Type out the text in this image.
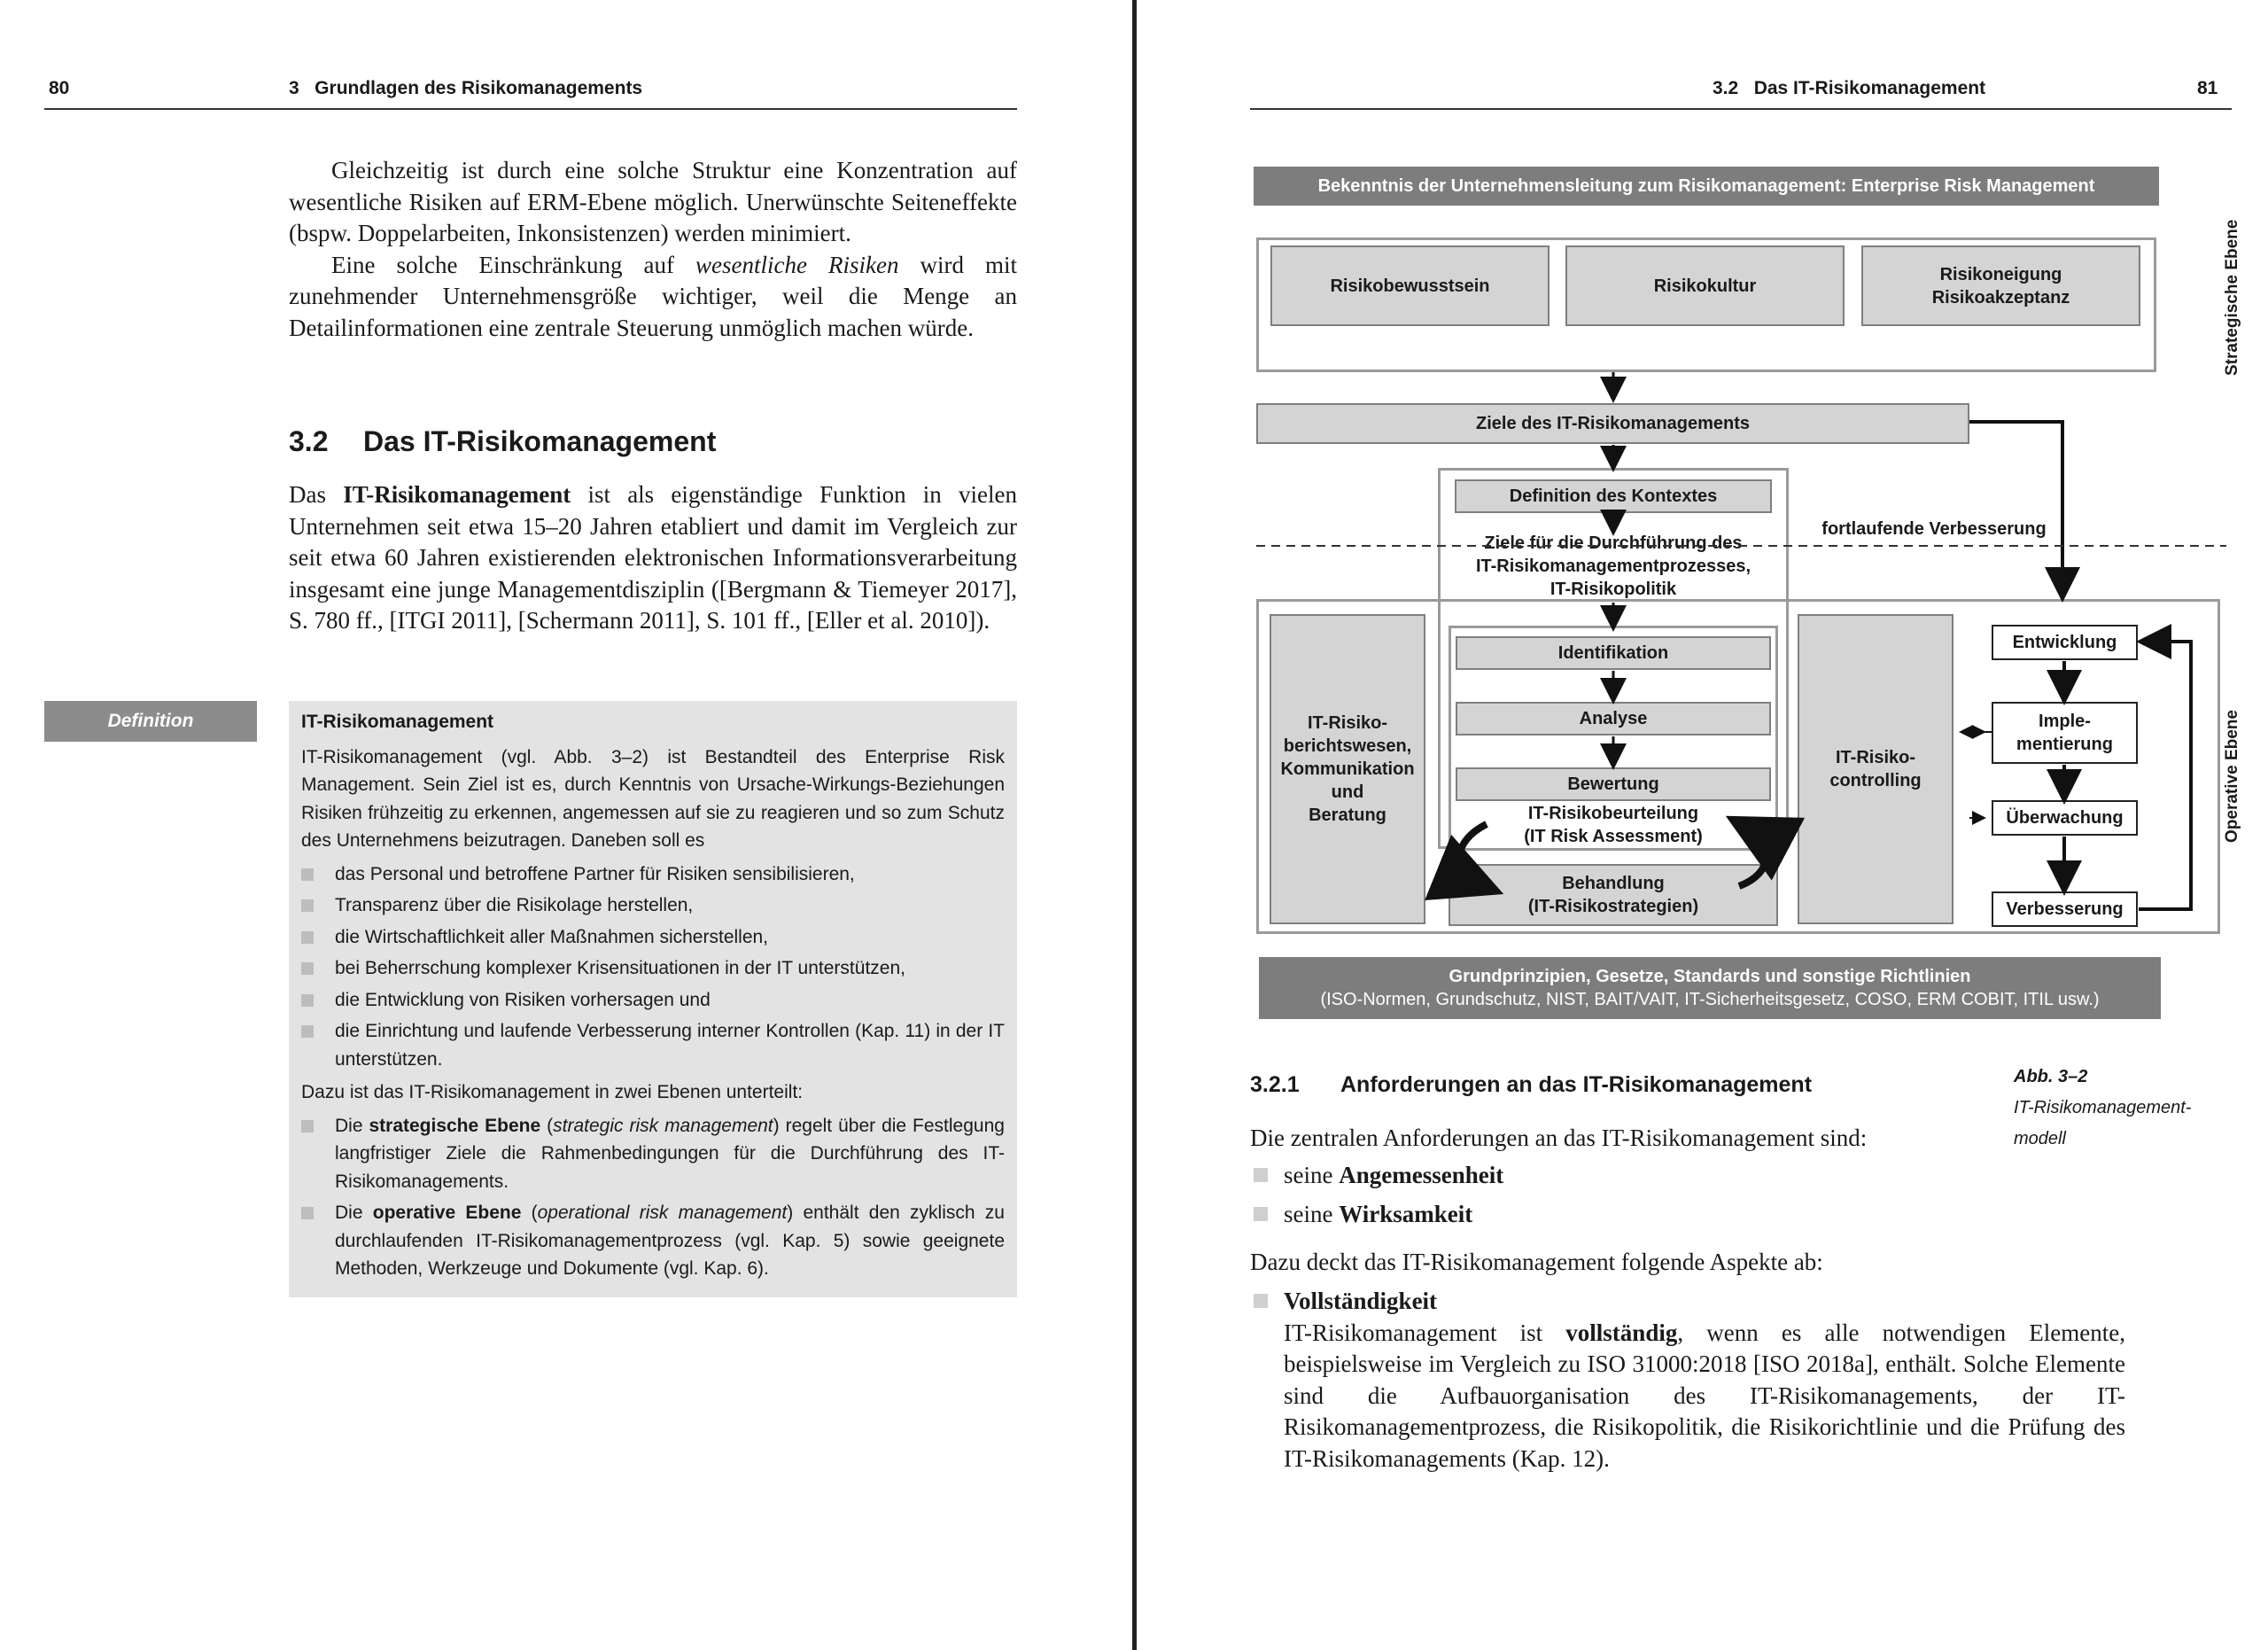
80	3   Grundlagen des Risikomanagements

Gleichzeitig ist durch eine solche Struktur eine Konzentration auf wesentliche Risiken auf ERM-Ebene möglich. Unerwünschte Seiteneffekte (bspw. Doppelarbeiten, Inkonsistenzen) werden minimiert.

Eine solche Einschränkung auf wesentliche Risiken wird mit zunehmender Unternehmensgröße wichtiger, weil die Menge an Detailinformationen eine zentrale Steuerung unmöglich machen würde.

3.2 Das IT-Risikomanagement

Das IT-Risikomanagement ist als eigenständige Funktion in vielen Unternehmen seit etwa 15–20 Jahren etabliert und damit im Vergleich zur seit etwa 60 Jahren existierenden elektronischen Informationsverarbeitung insgesamt eine junge Managementdisziplin ([Bergmann & Tiemeyer 2017], S. 780 ff., [ITGI 2011], [Schermann 2011], S. 101 ff., [Eller et al. 2010]).

Definition	IT-Risikomanagement

IT-Risikomanagement (vgl. Abb. 3–2) ist Bestandteil des Enterprise Risk Management. Sein Ziel ist es, durch Kenntnis von Ursache-Wirkungs-Beziehungen Risiken frühzeitig zu erkennen, angemessen auf sie zu reagieren und so zum Schutz des Unternehmens beizutragen. Daneben soll es

das Personal und betroffene Partner für Risiken sensibilisieren,
Transparenz über die Risikolage herstellen,
die Wirtschaftlichkeit aller Maßnahmen sicherstellen,
bei Beherrschung komplexer Krisensituationen in der IT unterstützen,
die Entwicklung von Risiken vorhersagen und
die Einrichtung und laufende Verbesserung interner Kontrollen (Kap. 11) in der IT unterstützen.

Dazu ist das IT-Risikomanagement in zwei Ebenen unterteilt:

Die strategische Ebene (strategic risk management) regelt über die Festlegung langfristiger Ziele die Rahmenbedingungen für die Durchführung des IT-Risikomanagements.
Die operative Ebene (operational risk management) enthält den zyklisch zu durchlaufenden IT-Risikomanagementprozess (vgl. Kap. 5) sowie geeignete Methoden, Werkzeuge und Dokumente (vgl. Kap. 6).
3.2   Das IT-Risikomanagement	81
Bekenntnis der Unternehmensleitung zum Risikomanagement: Enterprise Risk Management
Risikobewusstsein	Risikokultur
Risikoneigung
Risikoakzeptanz	Strategische Ebene
Ziele des IT-Risikomanagements
Definition des Kontextes
Ziele für die Durchführung des
IT-Risikomanagementprozesses,
IT-Risikopolitik
fortlaufende Verbesserung
IT-Risiko-
berichtswesen,
Kommunikation
und
Beratung
Identifikation
Analyse
Bewertung
IT-Risikobeurteilung
(IT Risk Assessment)
Behandlung
(IT-Risikostrategien)
IT-Risiko-
controlling
Entwicklung
Imple-
mentierung
Überwachung
Verbesserung
Operative Ebene
Grundprinzipien, Gesetze, Standards und sonstige Richtlinien
(ISO-Normen, Grundschutz, NIST, BAIT/VAIT, IT-Sicherheitsgesetz, COSO, ERM COBIT, ITIL usw.)
Abb. 3–2
IT-Risikomanagement-
modell
3.2.1 Anforderungen an das IT-Risikomanagement
Die zentralen Anforderungen an das IT-Risikomanagement sind:
seine Angemessenheit
seine Wirksamkeit
Dazu deckt das IT-Risikomanagement folgende Aspekte ab:

Vollständigkeit

IT-Risikomanagement ist vollständig, wenn es alle notwendigen Elemente, beispielsweise im Vergleich zu ISO 31000:2018 [ISO 2018a], enthält. Solche Elemente sind die Aufbauorganisation des IT-Risikomanagements, der IT-Risikomanagementprozess, die Risikopolitik, die Risikorichtlinie und die Prüfung des IT-Risikomanagements (Kap. 12).
